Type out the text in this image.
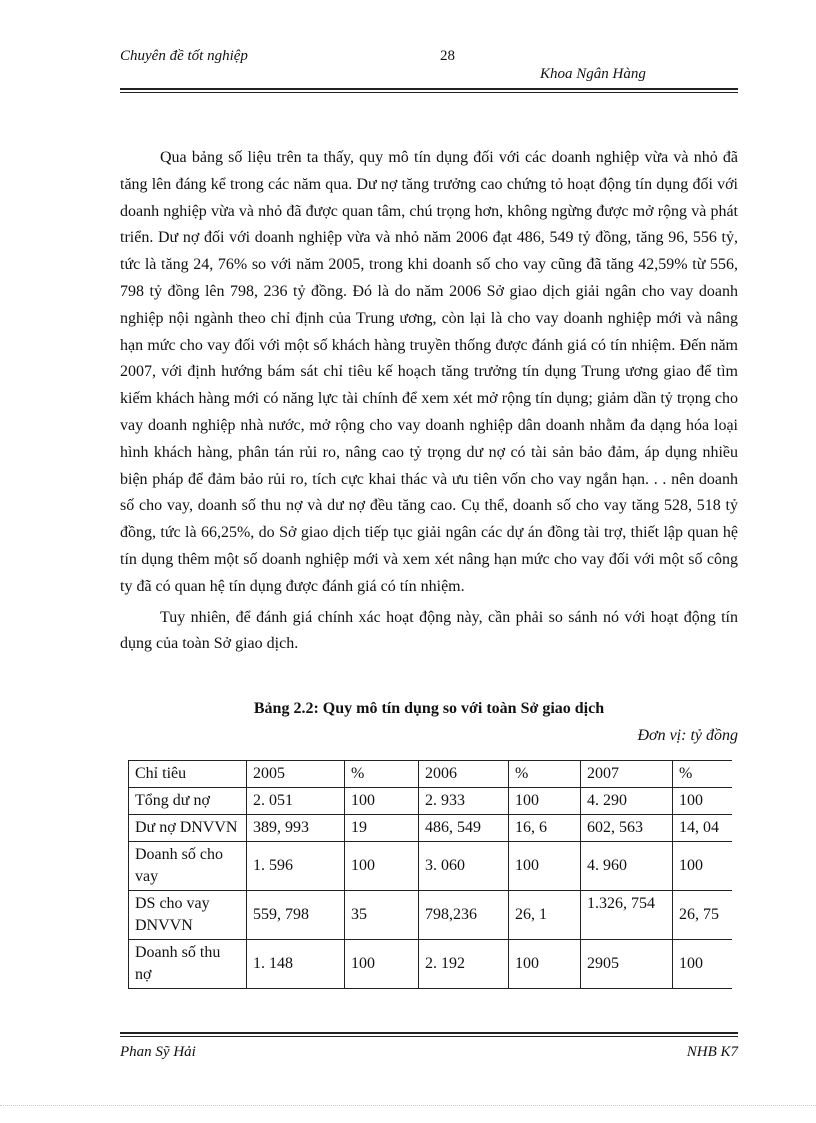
Chuyên đề tốt nghiệp	28
Khoa Ngân Hàng

Qua bảng số liệu trên ta thấy, quy mô tín dụng đối với các doanh nghiệp vừa và nhỏ đã tăng lên đáng kể trong các năm qua. Dư nợ tăng trưởng cao chứng tỏ hoạt động tín dụng đối với doanh nghiệp vừa và nhỏ đã được quan tâm, chú trọng hơn, không ngừng được mở rộng và phát triển. Dư nợ đối với doanh nghiệp vừa và nhỏ năm 2006 đạt 486, 549 tỷ đồng, tăng 96, 556 tỷ, tức là tăng 24, 76% so với năm 2005, trong khi doanh số cho vay cũng đã tăng 42,59% từ 556, 798 tỷ đồng lên 798, 236 tỷ đồng. Đó là do năm 2006 Sở giao dịch giải ngân cho vay doanh nghiệp nội ngành theo chỉ định của Trung ương, còn lại là cho vay doanh nghiệp mới và nâng hạn mức cho vay đối với một số khách hàng truyền thống được đánh giá có tín nhiệm. Đến năm 2007, với định hướng bám sát chỉ tiêu kế hoạch tăng trưởng tín dụng Trung ương giao để tìm kiếm khách hàng mới có năng lực tài chính để xem xét mở rộng tín dụng; giảm dần tỷ trọng cho vay doanh nghiệp nhà nước, mở rộng cho vay doanh nghiệp dân doanh nhằm đa dạng hóa loại hình khách hàng, phân tán rủi ro, nâng cao tỷ trọng dư nợ có tài sản bảo đảm, áp dụng nhiều biện pháp để đảm bảo rủi ro, tích cực khai thác và ưu tiên vốn cho vay ngắn hạn. . . nên doanh số cho vay, doanh số thu nợ và dư nợ đều tăng cao. Cụ thể, doanh số cho vay tăng 528, 518 tỷ đồng, tức là 66,25%, do Sở giao dịch tiếp tục giải ngân các dự án đồng tài trợ, thiết lập quan hệ tín dụng thêm một số doanh nghiệp mới và xem xét nâng hạn mức cho vay đối với một số công ty đã có quan hệ tín dụng được đánh giá có tín nhiệm.

Tuy nhiên, để đánh giá chính xác hoạt động này, cần phải so sánh nó với hoạt động tín dụng của toàn Sở giao dịch.

Bảng 2.2: Quy mô tín dụng so với toàn Sở giao dịch
Đơn vị: tỷ đồng
Chỉ tiêu	2005	%	2006	%	2007	%
Tổng dư nợ	2. 051	100	2. 933	100	4. 290	100
Dư nợ DNVVN	389, 993	19	486, 549	16, 6	602, 563	14, 04
Doanh số cho vay	1. 596	100	3. 060	100	4. 960	100
DS cho vay DNVVN	559, 798	35	798,236	26, 1	1.326, 754	26, 75
Doanh số thu nợ	1. 148	100	2. 192	100	2905	100
Phan Sỹ Hải	NHB K7
